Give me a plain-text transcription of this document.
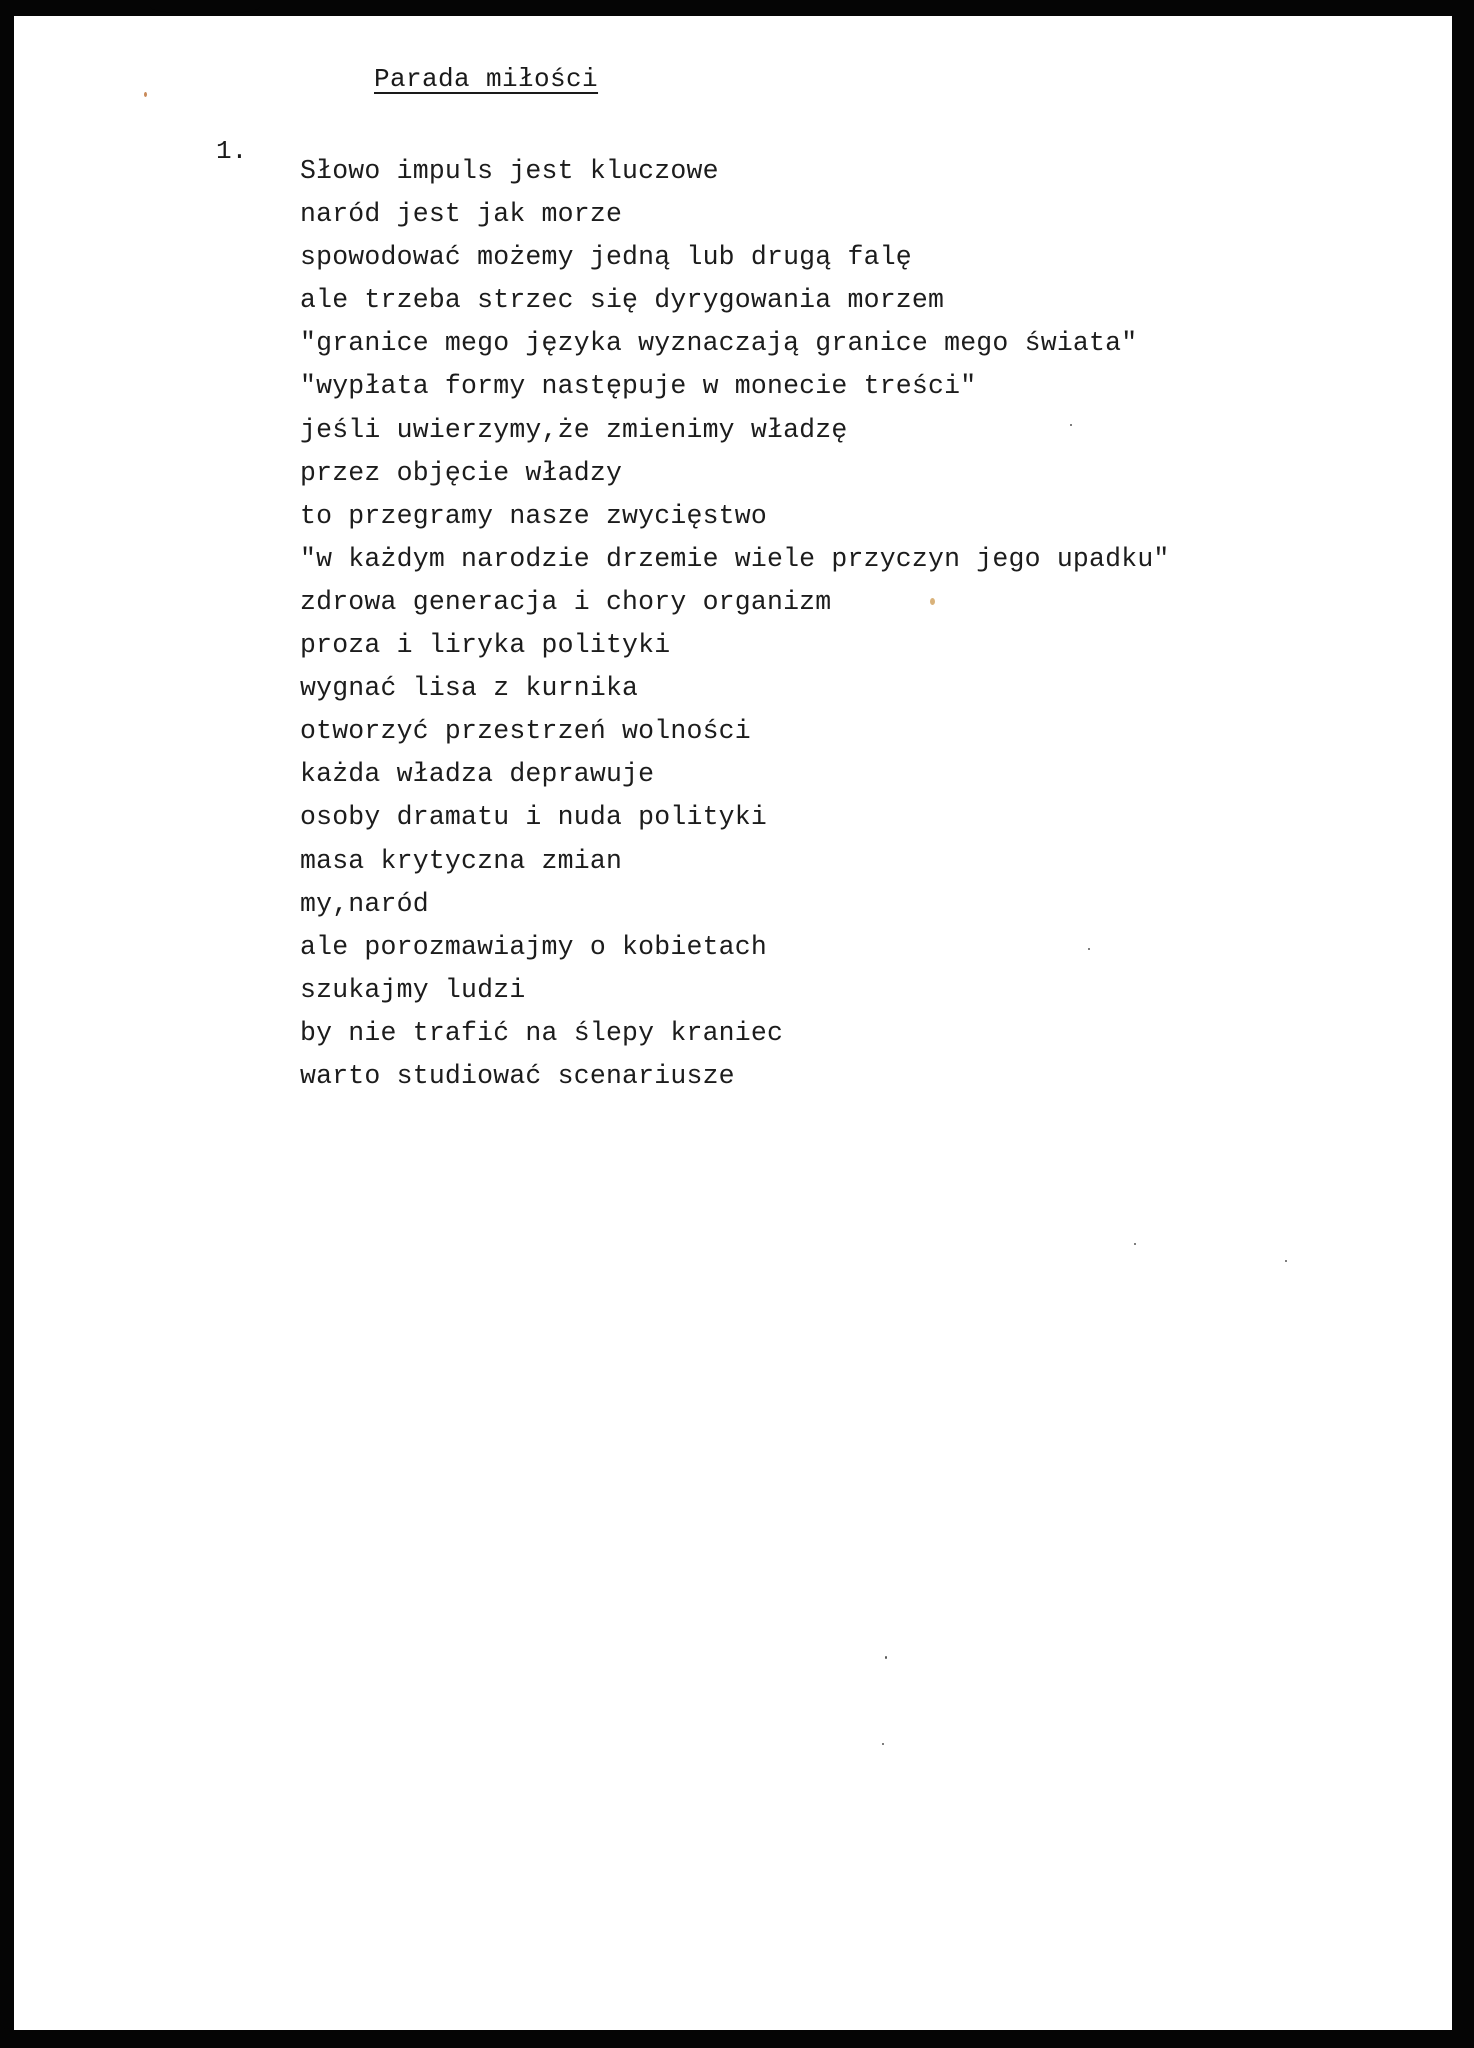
Parada miłości
1.
Słowo impuls jest kluczowe
naród jest jak morze
spowodować możemy jedną lub drugą falę
ale trzeba strzec się dyrygowania morzem
"granice mego języka wyznaczają granice mego świata"
"wypłata formy następuje w monecie treści"
jeśli uwierzymy,że zmienimy władzę
przez objęcie władzy
to przegramy nasze zwycięstwo
"w każdym narodzie drzemie wiele przyczyn jego upadku"
zdrowa generacja i chory organizm
proza i liryka polityki
wygnać lisa z kurnika
otworzyć przestrzeń wolności
każda władza deprawuje
osoby dramatu i nuda polityki
masa krytyczna zmian
my,naród
ale porozmawiajmy o kobietach
szukajmy ludzi
by nie trafić na ślepy kraniec
warto studiować scenariusze
